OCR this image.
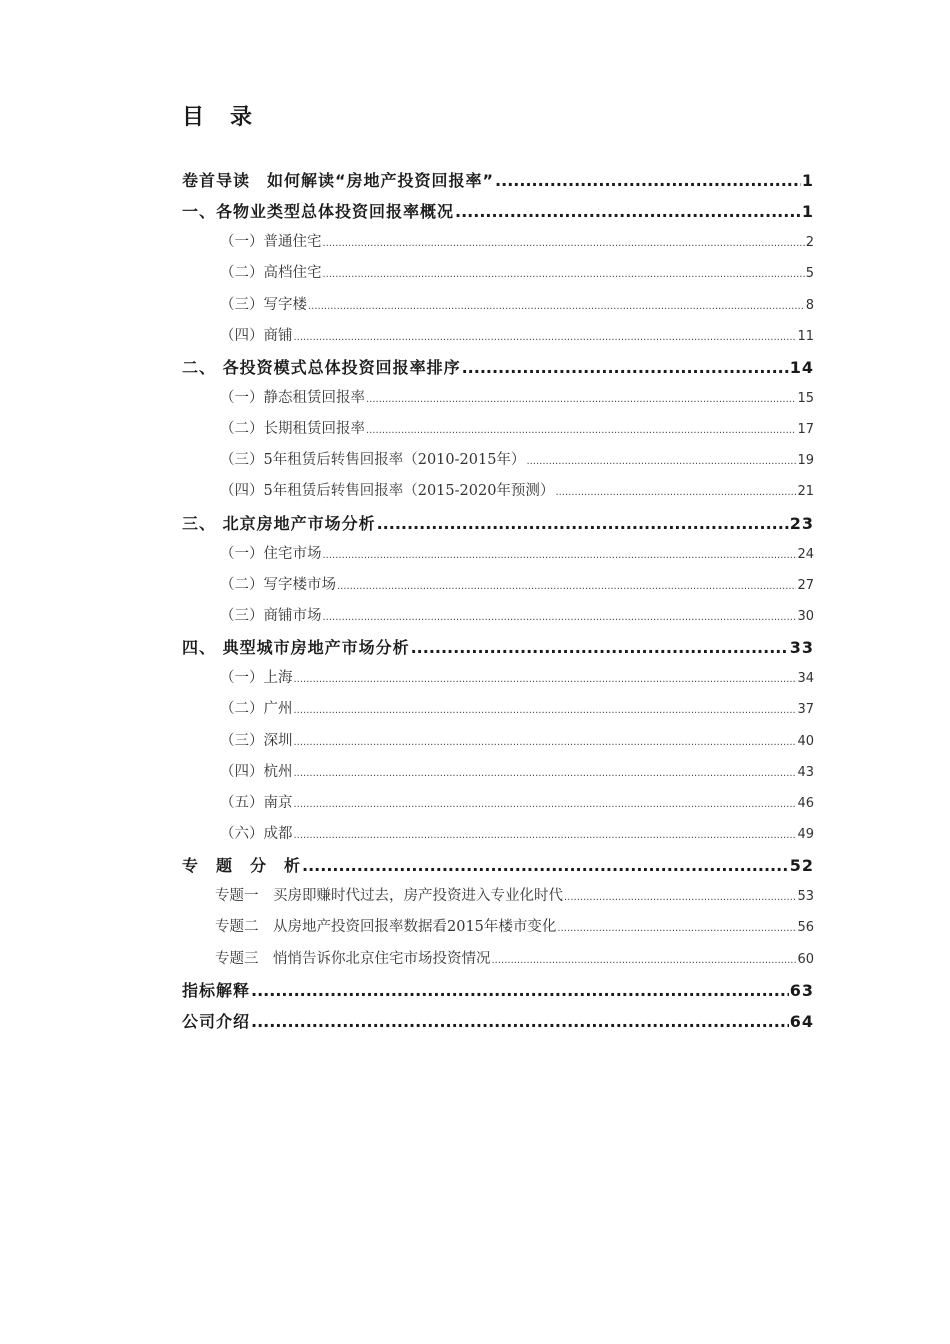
目　录
卷首导读　如何解读“房地产投资回报率” .....	1
一、各物业类型总体投资回报率概况 .....	1
（一）普通住宅 .....	2
（二）高档住宅 .....	5
（三）写字楼 .....	8
（四）商铺 .....	11
二、 各投资模式总体投资回报率排序 .....	14
（一）静态租赁回报率 .....	15
（二）长期租赁回报率 .....	17
（三）5年租赁后转售回报率（2010-2015年） .....	19
（四）5年租赁后转售回报率（2015-2020年预测） .....	21
三、 北京房地产市场分析 .....	23
（一）住宅市场 .....	24
（二）写字楼市场 .....	27
（三）商铺市场 .....	30
四、 典型城市房地产市场分析 .....	33
（一）上海 .....	34
（二）广州 .....	37
（三）深圳 .....	40
（四）杭州 .....	43
（五）南京 .....	46
（六）成都 .....	49
专　题　分　析 .....	52
专题一　买房即赚时代过去，房产投资进入专业化时代 .....	53
专题二　从房地产投资回报率数据看2015年楼市变化 .....	56
专题三　悄悄告诉你北京住宅市场投资情况 .....	60
指标解释 .....	63
公司介绍 .....	64
